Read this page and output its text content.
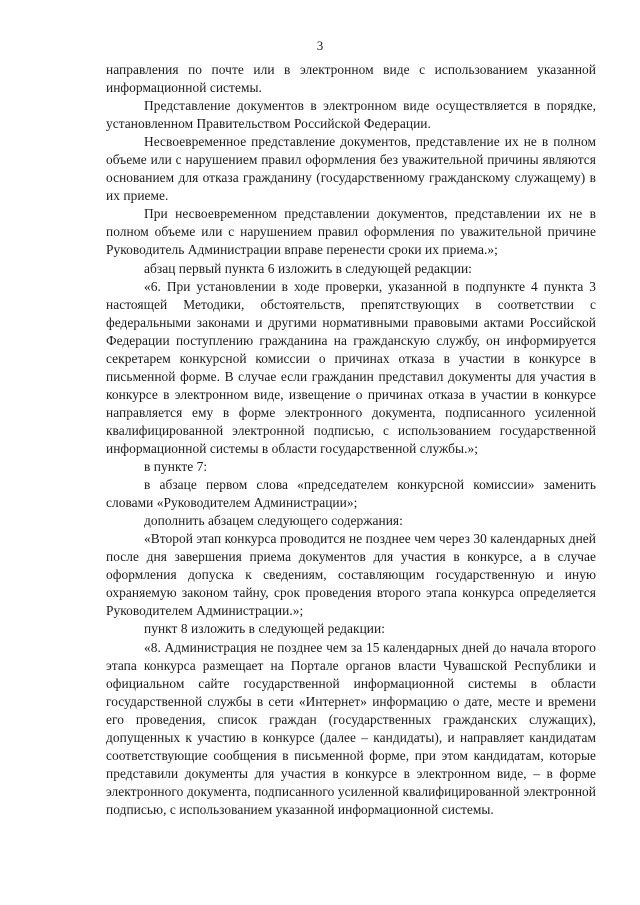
3

направления по почте или в электронном виде с использованием указанной информационной системы.

Представление документов в электронном виде осуществляется в порядке, установленном Правительством Российской Федерации.

Несвоевременное представление документов, представление их не в полном объеме или с нарушением правил оформления без уважительной причины являются основанием для отказа гражданину (государственному гражданскому служащему) в их приеме.

При несвоевременном представлении документов, представлении их не в полном объеме или с нарушением правил оформления по уважительной причине Руководитель Администрации вправе перенести сроки их приема.»;

абзац первый пункта 6 изложить в следующей редакции:

«6. При установлении в ходе проверки, указанной в подпункте 4 пункта 3 настоящей Методики, обстоятельств, препятствующих в соответствии с федеральными законами и другими нормативными правовыми актами Российской Федерации поступлению гражданина на гражданскую службу, он информируется секретарем конкурсной комиссии о причинах отказа в участии в конкурсе в письменной форме. В случае если гражданин представил документы для участия в конкурсе в электронном виде, извещение о причинах отказа в участии в конкурсе направляется ему в форме электронного документа, подписанного усиленной квалифицированной электронной подписью, с использованием государственной информационной системы в области государственной службы.»;

в пункте 7:

в абзаце первом слова «председателем конкурсной комиссии» заменить словами «Руководителем Администрации»;

дополнить абзацем следующего содержания:

«Второй этап конкурса проводится не позднее чем через 30 календарных дней после дня завершения приема документов для участия в конкурсе, а в случае оформления допуска к сведениям, составляющим государственную и иную охраняемую законом тайну, срок проведения второго этапа конкурса определяется Руководителем Администрации.»;

пункт 8 изложить в следующей редакции:

«8. Администрация не позднее чем за 15 календарных дней до начала второго этапа конкурса размещает на Портале органов власти Чувашской Республики и официальном сайте государственной информационной системы в области государственной службы в сети «Интернет» информацию о дате, месте и времени его проведения, список граждан (государственных гражданских служащих), допущенных к участию в конкурсе (далее – кандидаты), и направляет кандидатам соответствующие сообщения в письменной форме, при этом кандидатам, которые представили документы для участия в конкурсе в электронном виде, – в форме электронного документа, подписанного усиленной квалифицированной электронной подписью, с использованием указанной информационной системы.
